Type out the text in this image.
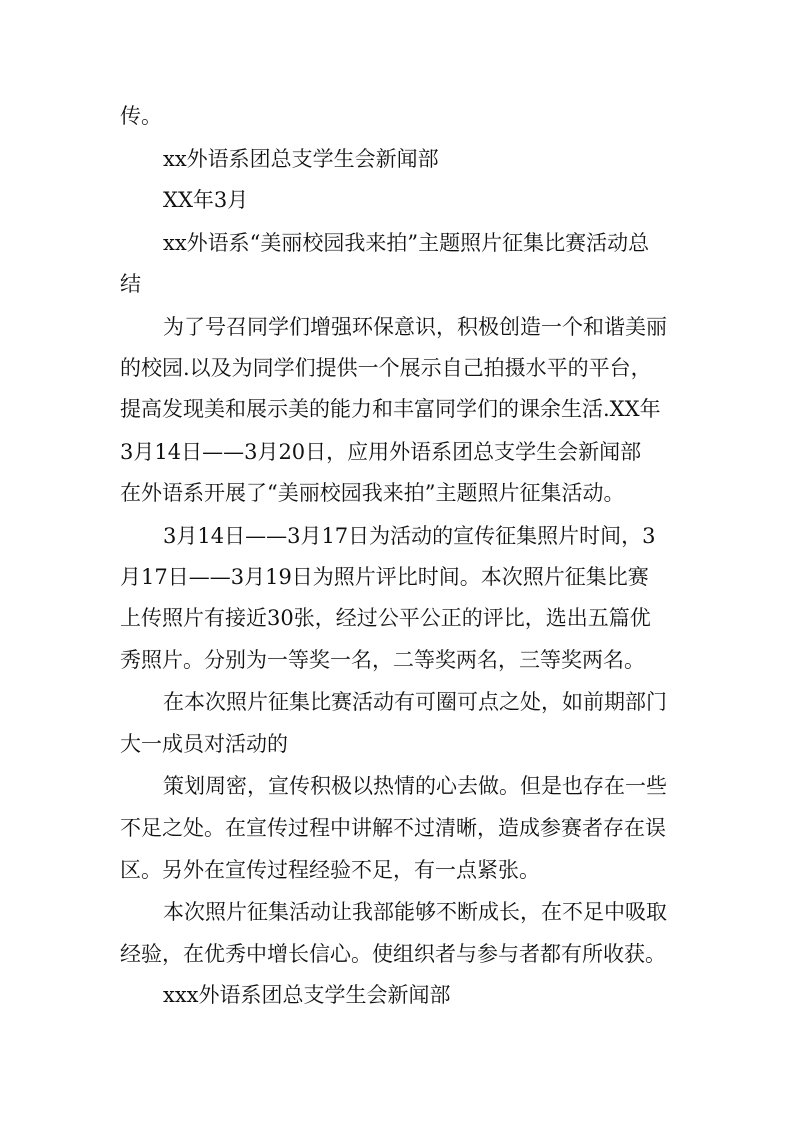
传。
xx外语系团总支学生会新闻部
XX年3月
xx外语系“美丽校园我来拍”主题照片征集比赛活动总
结
为了号召同学们增强环保意识，积极创造一个和谐美丽
的校园.以及为同学们提供一个展示自己拍摄水平的平台，
提高发现美和展示美的能力和丰富同学们的课余生活.XX年
3月14日——3月20日，应用外语系团总支学生会新闻部
在外语系开展了“美丽校园我来拍”主题照片征集活动。
3月14日——3月17日为活动的宣传征集照片时间，3
月17日——3月19日为照片评比时间。本次照片征集比赛
上传照片有接近30张，经过公平公正的评比，选出五篇优
秀照片。分别为一等奖一名，二等奖两名，三等奖两名。
在本次照片征集比赛活动有可圈可点之处，如前期部门
大一成员对活动的
策划周密，宣传积极以热情的心去做。但是也存在一些
不足之处。在宣传过程中讲解不过清晰，造成参赛者存在误
区。另外在宣传过程经验不足，有一点紧张。
本次照片征集活动让我部能够不断成长，在不足中吸取
经验，在优秀中增长信心。使组织者与参与者都有所收获。
xxx外语系团总支学生会新闻部
